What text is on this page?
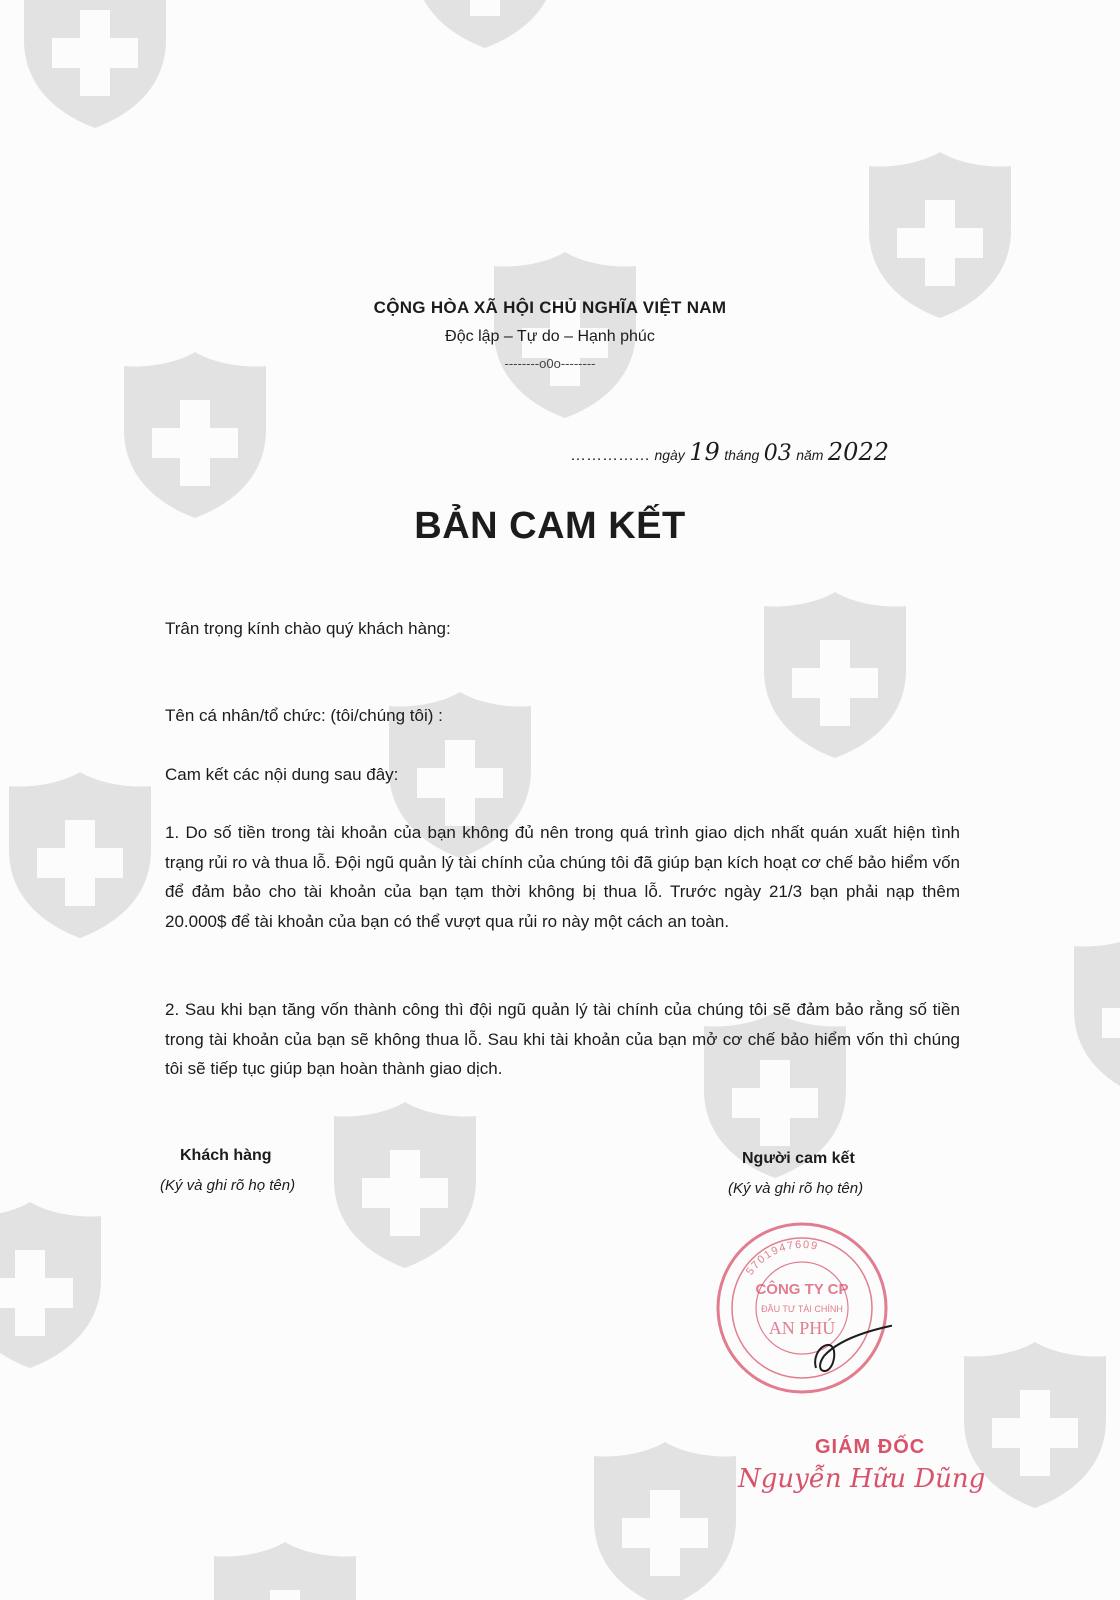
CỘNG HÒA XÃ HỘI CHỦ NGHĨA VIỆT NAM
Độc lập – Tự do – Hạnh phúc
--------o0o--------
…………… ngày 19 tháng 03 năm 2022
BẢN CAM KẾT
Trân trọng kính chào quý khách hàng:
Tên cá nhân/tổ chức: (tôi/chúng tôi) :
Cam kết các nội dung sau đây:
1. Do số tiền trong tài khoản của bạn không đủ nên trong quá trình giao dịch nhất quán xuất hiện tình trạng rủi ro và thua lỗ. Đội ngũ quản lý tài chính của chúng tôi đã giúp bạn kích hoạt cơ chế bảo hiểm vốn để đảm bảo cho tài khoản của bạn tạm thời không bị thua lỗ. Trước ngày 21/3 bạn phải nạp thêm 20.000$ để tài khoản của bạn có thể vượt qua rủi ro này một cách an toàn.
2. Sau khi bạn tăng vốn thành công thì đội ngũ quản lý tài chính của chúng tôi sẽ đảm bảo rằng số tiền trong tài khoản của bạn sẽ không thua lỗ. Sau khi tài khoản của bạn mở cơ chế bảo hiểm vốn thì chúng tôi sẽ tiếp tục giúp bạn hoàn thành giao dịch.
Khách hàng
(Ký và ghi rõ họ tên)
Người cam kết
(Ký và ghi rõ họ tên)
5701947609
CÔNG TY CP
ĐẦU TƯ TÀI CHÍNH
AN PHÚ
GIÁM ĐỐC
Nguyễn Hữu Dũng
